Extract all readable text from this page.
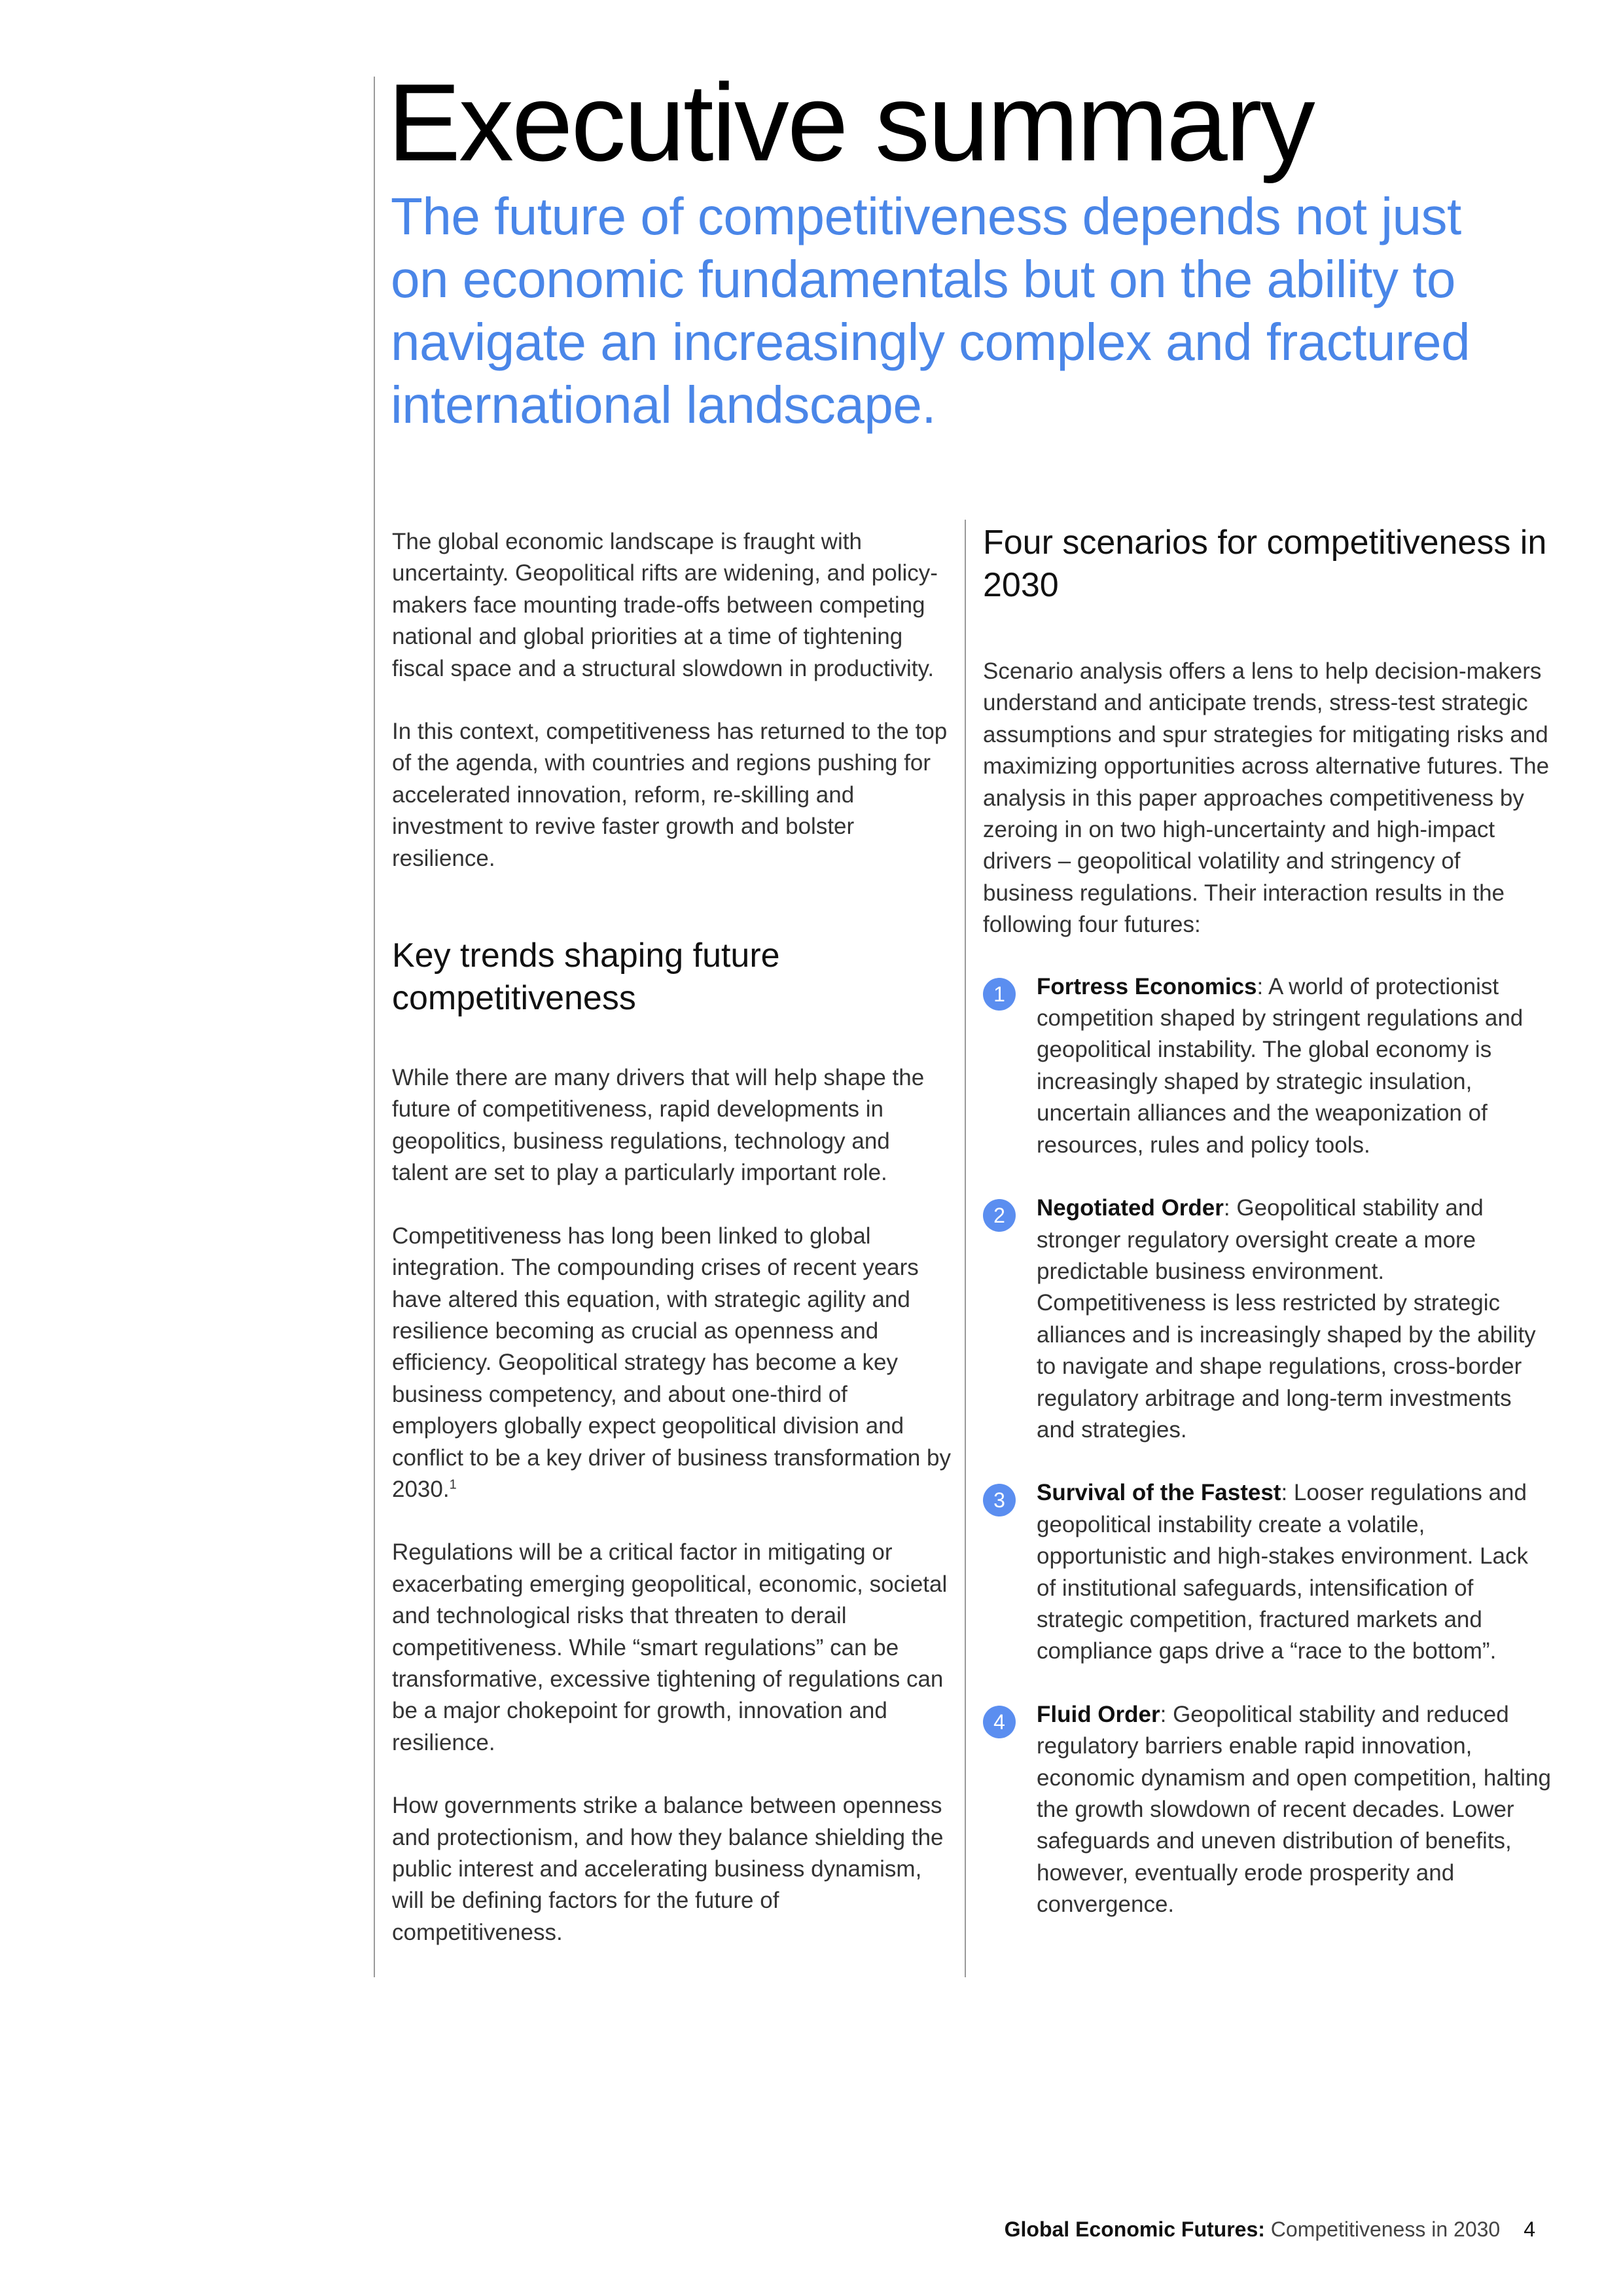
Executive summary
The future of competitiveness depends not just on economic fundamentals but on the ability to navigate an increasingly complex and fractured international landscape.

The global economic landscape is fraught with uncertainty. Geopolitical rifts are widening, and policy-makers face mounting trade-offs between competing national and global priorities at a time of tightening fiscal space and a structural slowdown in productivity.

In this context, competitiveness has returned to the top of the agenda, with countries and regions pushing for accelerated innovation, reform, re-skilling and investment to revive faster growth and bolster resilience.

Key trends shaping future competitiveness

While there are many drivers that will help shape the future of competitiveness, rapid developments in geopolitics, business regulations, technology and talent are set to play a particularly important role.

Competitiveness has long been linked to global integration. The compounding crises of recent years have altered this equation, with strategic agility and resilience becoming as crucial as openness and efficiency. Geopolitical strategy has become a key business competency, and about one-third of employers globally expect geopolitical division and conflict to be a key driver of business transformation by 2030.$^1$

Regulations will be a critical factor in mitigating or exacerbating emerging geopolitical, economic, societal and technological risks that threaten to derail competitiveness. While “smart regulations” can be transformative, excessive tightening of regulations can be a major chokepoint for growth, innovation and resilience.

How governments strike a balance between openness and protectionism, and how they balance shielding the public interest and accelerating business dynamism, will be defining factors for the future of competitiveness.

Four scenarios for competitiveness in 2030

Scenario analysis offers a lens to help decision-makers understand and anticipate trends, stress-test strategic assumptions and spur strategies for mitigating risks and maximizing opportunities across alternative futures. The analysis in this paper approaches competitiveness by zeroing in on two high-uncertainty and high-impact drivers – geopolitical volatility and stringency of business regulations. Their interaction results in the following four futures:

1	Fortress Economics: A world of protectionist competition shaped by stringent regulations and geopolitical instability. The global economy is increasingly shaped by strategic insulation, uncertain alliances and the weaponization of resources, rules and policy tools.
2	Negotiated Order: Geopolitical stability and stronger regulatory oversight create a more predictable business environment. Competitiveness is less restricted by strategic alliances and is increasingly shaped by the ability to navigate and shape regulations, cross-border regulatory arbitrage and long-term investments and strategies.
3	Survival of the Fastest: Looser regulations and geopolitical instability create a volatile, opportunistic and high-stakes environment. Lack of institutional safeguards, intensification of strategic competition, fractured markets and compliance gaps drive a “race to the bottom”.
4	Fluid Order: Geopolitical stability and reduced regulatory barriers enable rapid innovation, economic dynamism and open competition, halting the growth slowdown of recent decades. Lower safeguards and uneven distribution of benefits, however, eventually erode prosperity and convergence.
Global Economic Futures: Competitiveness in 2030 4
